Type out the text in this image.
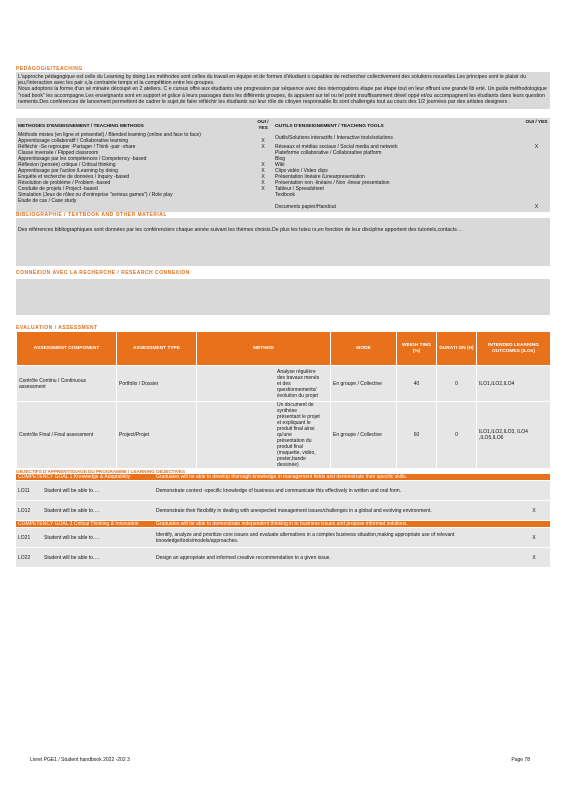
PEDAGOGIE/TEACHING

L'approche pédagogique est celle du Learning by doing.Les méthodes sont celles du travail en équipe et de formes d'étudiant s capables de rechercher collectivement des solutions nouvelles.Les principes sont le plaisir du jeu,l'interaction avec les pair s,la contrainte temps et la compétition entre les groupes.

Nous adoptons la forme d'un sé minaire découpé en 2 ateliers. C e cursus offre aux étudiants une progression par séquence avec des interrogations étape par étape tout en leur offrant une grande lib erté. Un guide méthodologique "road book" les accompagne.Les enseignants sont en support et grâce à leurs passages dans les différents groupes, ils appuient sur tel ou tel point insuffisamment dével oppé et/ou accompagnent les étudiants dans leurs question nements.Des conférences de lancement permettent de cadrer le sujet,de faire réfléchir les étudiants sur leur rôle de citoyen responsable.Ils sont challengés tout au cours des 1/2 journées par des artistes designers .

METHODES D'ENSEIGNEMENT / TEACHING METHODS	OUI / YES	OUTILS D'ENSEIGNEMENT / TEACHING TOOLS	OUI / YES

Méthode mixtes (en ligne et présentiel) / Blended learning (online and face to face)	
Apprentissage collaboratif / Collaborative learning	X
Réfléchir -Se regrouper -Partager / Think -pair -share	X
Classe inversée / Flipped classroom	
Apprentissage par les compétences / Competency -based	
Réflexion (pensée) critique / Critical thinking	X
Apprentissage par l'action /Learning by doing	X
Enquête et recherche de données / Inquiry -based	X
Résolution de problème / Problem -based	X
Conduite de projets / Project -based	X
Simulation (Jeux de rôles ou d'entreprise "serious games") / Role play	
Etude de cas / Case study	

Outils/Solutions interactifs / Interactive tools/solutions	
Réseaux et médias sociaux / Social media and network	X
Plateforme collaborative / Collaborative platform	
Blog	
Wiki	
Clips vidéo / Video clips	
Présentation linéaire /Linearpresentation	
Présentation non -linéaire / Non -linear presentation	
Tableur / Spreadsheet	
Textbook	
Documents papier/Handout	X
BIBLIOGRAPHIE / TEXTBOOK AND OTHER MATERIAL

Des références bibliographiques sont données par les conférenciers chaque année suivant les thèmes choisis.De plus les tuteu rs,en fonction de leur discipline apportent des tutoriels,contacts…

CONNEXION AVEC LA RECHERCHE / RESEARCH CONNEXION

EVALUATION / ASSESSMENT
ASSESSMENT COMPONENT	ASSESSMENT TYPE	METHOD	MODE	WEIGH TING (%)	DURATI ON (H)	INTENDED LEARNING OUTCOMES (ILOs)
Contrôle Continu / Continuous assessment	Portfolio / Dossier	Analyse régulière des travaux menés et des questionnements/évolution du projet	En groupe / Collective	40	0	ILO1,ILO2,ILO4
Contrôle Final / Final assessment	Project/Projet	Un document de synthèse présentant le projet et expliquant le produit final ainsi qu'une présentation du produit final (maquette, vidéo, poster,bande dessinée)	En groupe / Collective	60	0	ILO1,ILO2,ILO3, ILO4 ,ILO5,ILO6
OBJECTIFS D'APPRENTISSAGE DU PROGRAMME / LEARNING OBJECTIVES
COMPETENCY GOAL 1 Knowledge & Adaptability		Graduates will be able to develop thorough knowledge in management fields and demonstrate their specific skills.	
LO11	Student will be able to….	Demonstrate context -specific knowledge of business and communicate this effectively in written and oral form.	
LO12	Student will be able to….	Demonstrate their flexibility in dealing with unexpected management issues/challenges in a global and evolving environment.	X
COMPETENCY GOAL 2 Critical Thinking & Innovation		Graduates will be able to demonstrate independent thinking in to business issues and propose informed solutions.	
LO21	Student will be able to….	Identify, analyze and prioritize core issues and evaluate alternatives in a complex business situation,making appropriate use of relevant knowledge/tools/models/approaches.	X
LO22	Student will be able to….	Design an appropriate and informed creative recommendation to a given issue.	X
Livret PGE1 / Student handbook 2022 -202 3	Page 78
